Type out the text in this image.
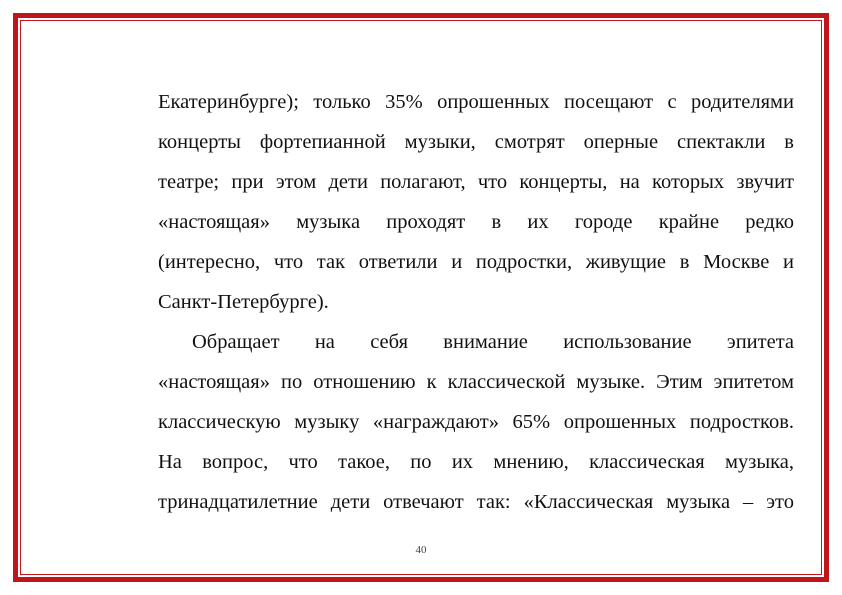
Екатеринбурге); только 35% опрошенных посещают с родителями
концерты фортепианной музыки, смотрят оперные спектакли в
театре; при этом дети полагают, что концерты, на которых звучит
«настоящая» музыка проходят в их городе крайне редко
(интересно, что так ответили и подростки, живущие в Москве и
Санкт-Петербурге).
Обращает на себя внимание использование эпитета
«настоящая» по отношению к классической музыке. Этим эпитетом
классическую музыку «награждают» 65% опрошенных подростков.
На вопрос, что такое, по их мнению, классическая музыка,
тринадцатилетние дети отвечают так: «Классическая музыка – это
40
